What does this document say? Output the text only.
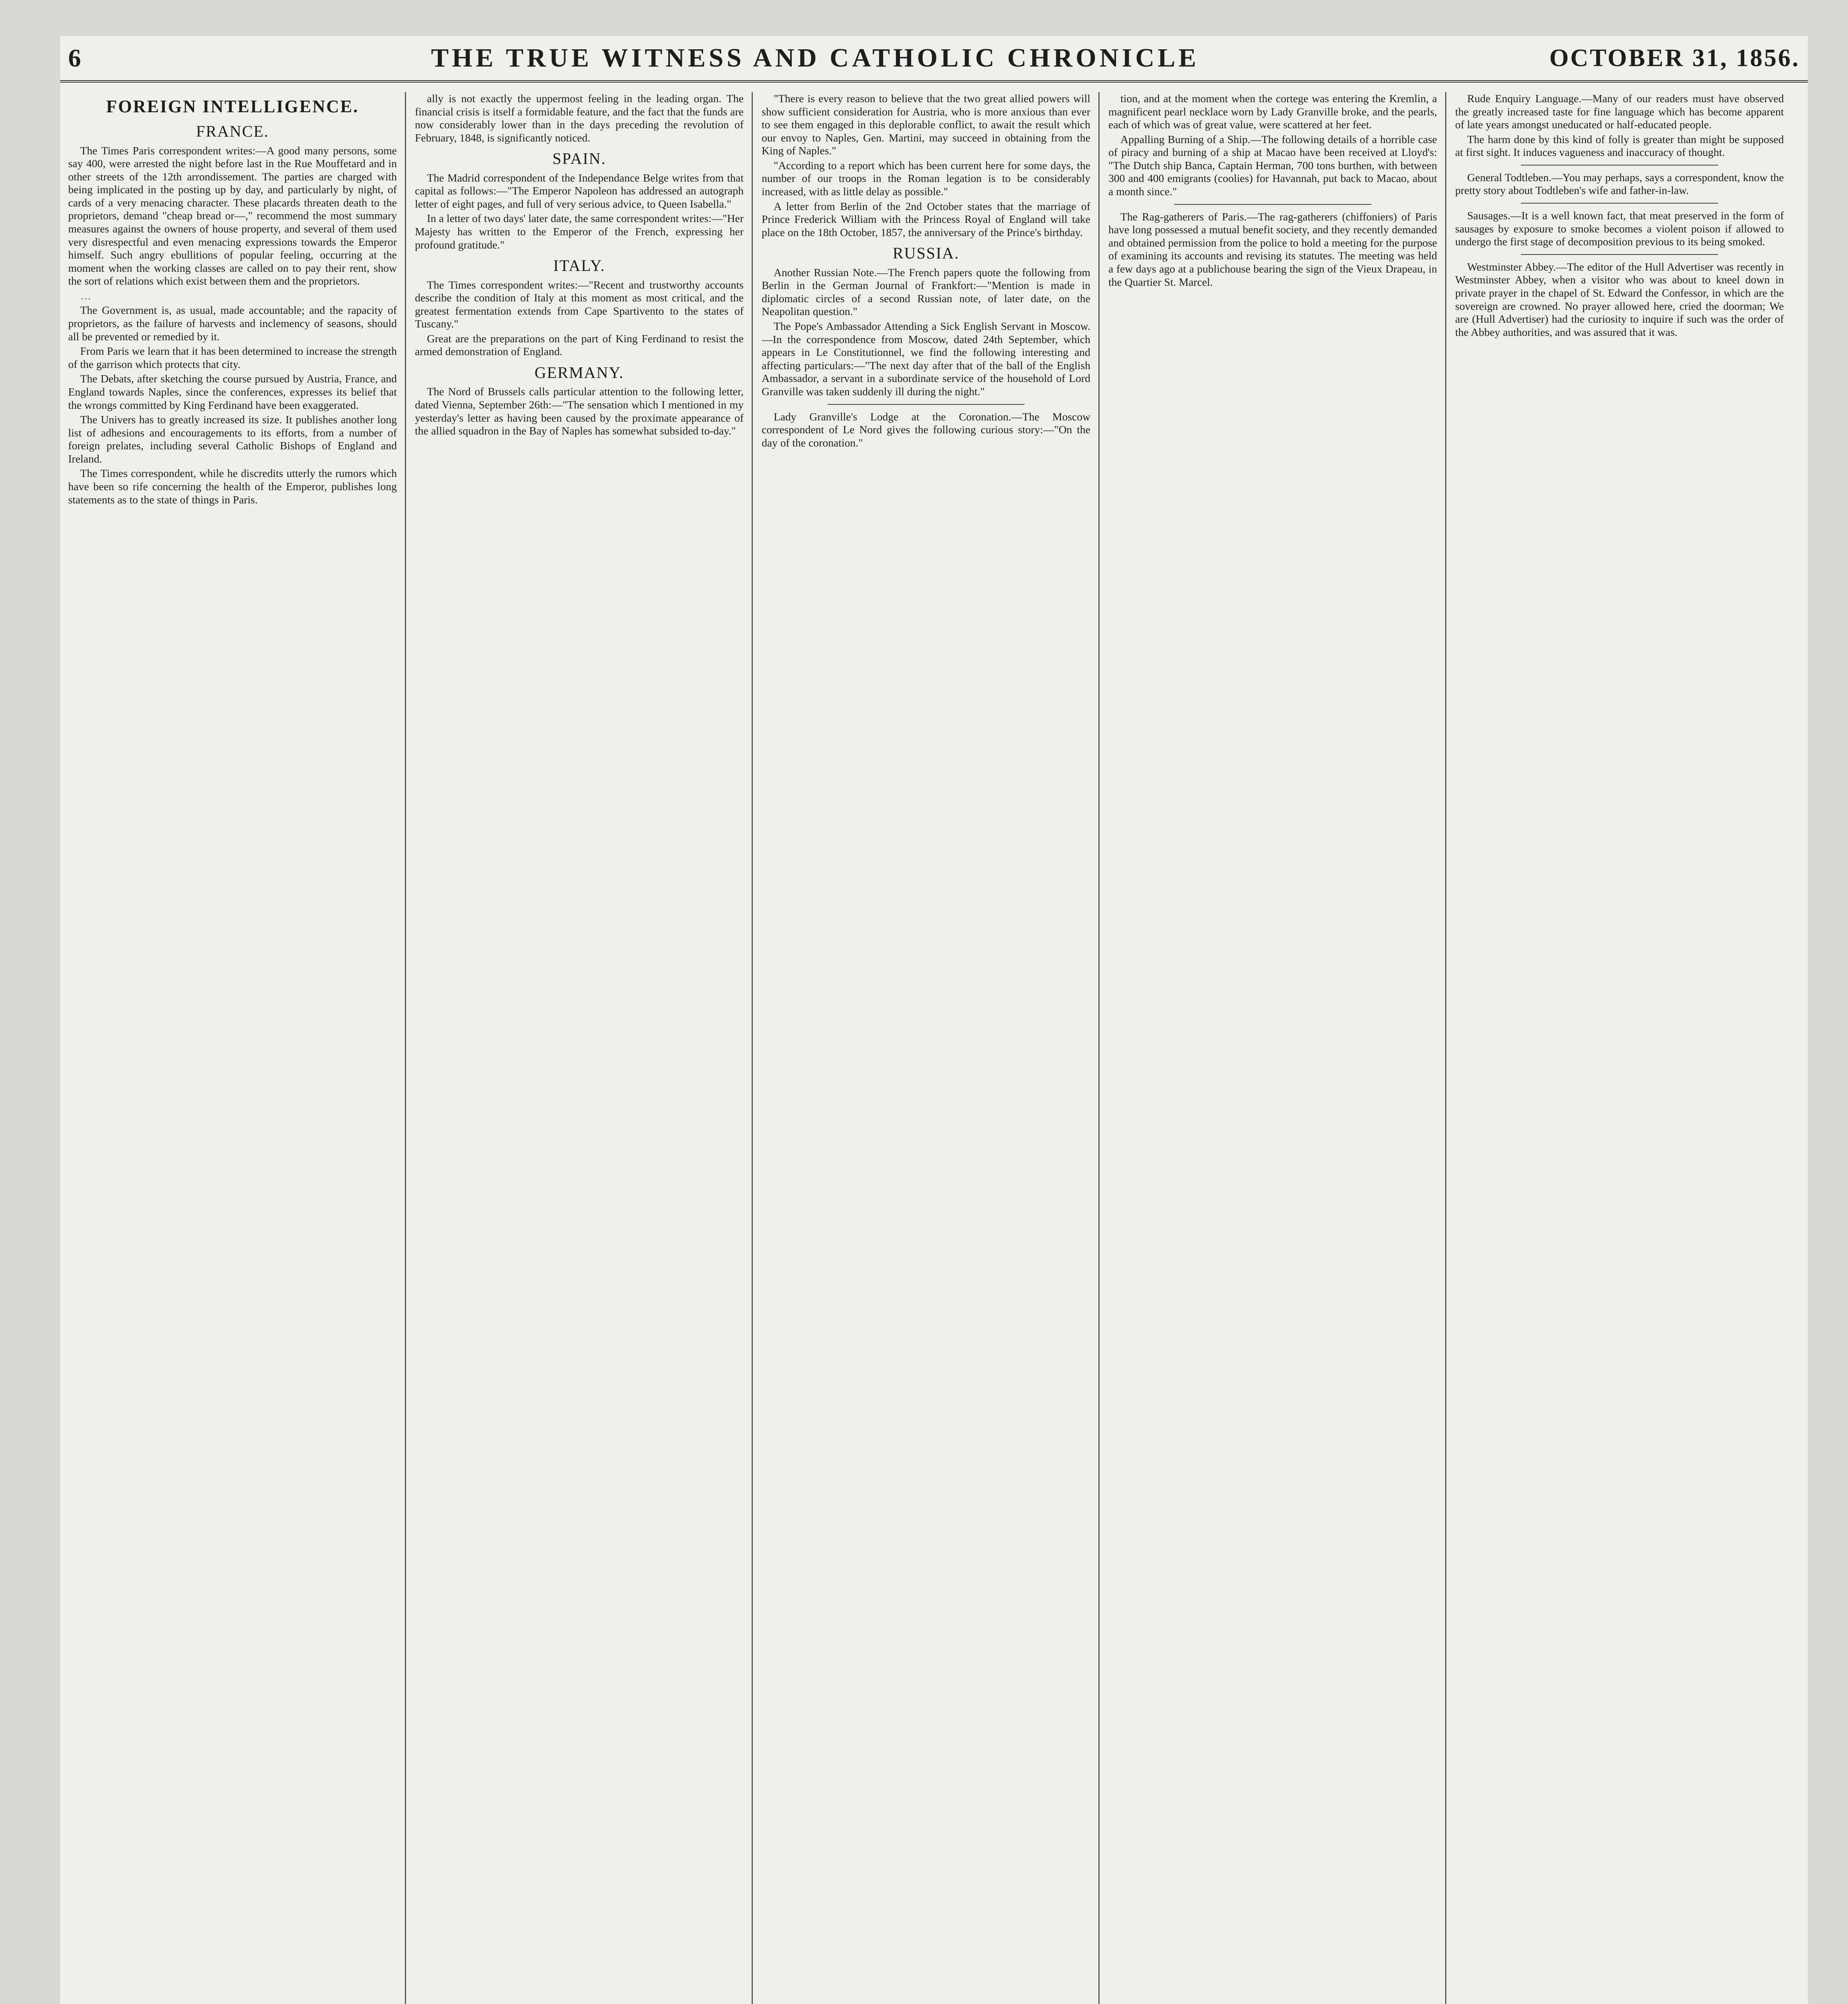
6	THE TRUE WITNESS AND CATHOLIC CHRONICLE	OCTOBER 31, 1856.
FOREIGN INTELLIGENCE.
FRANCE.

The Times Paris correspondent writes:—A good many persons, some say 400, were arrested the night before last in the Rue Mouffetard and in other streets of the 12th arrondissement. The parties are charged with being implicated in the posting up by day, and particularly by night, of cards of a very menacing character. These placards threaten death to the proprietors, demand "cheap bread or—," recommend the most summary measures against the owners of house property, and several of them used very disrespectful and even menacing expressions towards the Emperor himself. Such angry ebullitions of popular feeling, occurring at the moment when the working classes are called on to pay their rent, show the sort of relations which exist between them and the proprietors.

…

The Government is, as usual, made accountable; and the rapacity of proprietors, as the failure of harvests and inclemency of seasons, should all be prevented or remedied by it.

From Paris we learn that it has been determined to increase the strength of the garrison which protects that city.

The Debats, after sketching the course pursued by Austria, France, and England towards Naples, since the conferences, expresses its belief that the wrongs committed by King Ferdinand have been exaggerated.

The Univers has to greatly increased its size. It publishes another long list of adhesions and encouragements to its efforts, from a number of foreign prelates, including several Catholic Bishops of England and Ireland.

The Times correspondent, while he discredits utterly the rumors which have been so rife concerning the health of the Emperor, publishes long statements as to the state of things in Paris.

ally is not exactly the uppermost feeling in the leading organ. The financial crisis is itself a formidable feature, and the fact that the funds are now considerably lower than in the days preceding the revolution of February, 1848, is significantly noticed.

SPAIN.

The Madrid correspondent of the Independance Belge writes from that capital as follows:—"The Emperor Napoleon has addressed an autograph letter of eight pages, and full of very serious advice, to Queen Isabella."

In a letter of two days' later date, the same correspondent writes:—"Her Majesty has written to the Emperor of the French, expressing her profound gratitude."

ITALY.

The Times correspondent writes:—"Recent and trustworthy accounts describe the condition of Italy at this moment as most critical, and the greatest fermentation extends from Cape Spartivento to the states of Tuscany."

Great are the preparations on the part of King Ferdinand to resist the armed demonstration of England.

GERMANY.

The Nord of Brussels calls particular attention to the following letter, dated Vienna, September 26th:—"The sensation which I mentioned in my yesterday's letter as having been caused by the proximate appearance of the allied squadron in the Bay of Naples has somewhat subsided to-day."

"There is every reason to believe that the two great allied powers will show sufficient consideration for Austria, who is more anxious than ever to see them engaged in this deplorable conflict, to await the result which our envoy to Naples, Gen. Martini, may succeed in obtaining from the King of Naples."

"According to a report which has been current here for some days, the number of our troops in the Roman legation is to be considerably increased, with as little delay as possible."

A letter from Berlin of the 2nd October states that the marriage of Prince Frederick William with the Princess Royal of England will take place on the 18th October, 1857, the anniversary of the Prince's birthday.

RUSSIA.

Another Russian Note.—The French papers quote the following from Berlin in the German Journal of Frankfort:—"Mention is made in diplomatic circles of a second Russian note, of later date, on the Neapolitan question."

The Pope's Ambassador Attending a Sick English Servant in Moscow.—In the correspondence from Moscow, dated 24th September, which appears in Le Constitutionnel, we find the following interesting and affecting particulars:—"The next day after that of the ball of the English Ambassador, a servant in a subordinate service of the household of Lord Granville was taken suddenly ill during the night."

Lady Granville's Lodge at the Coronation.—The Moscow correspondent of Le Nord gives the following curious story:—"On the day of the coronation."

tion, and at the moment when the cortege was entering the Kremlin, a magnificent pearl necklace worn by Lady Granville broke, and the pearls, each of which was of great value, were scattered at her feet.

Appalling Burning of a Ship.—The following details of a horrible case of piracy and burning of a ship at Macao have been received at Lloyd's: "The Dutch ship Banca, Captain Herman, 700 tons burthen, with between 300 and 400 emigrants (coolies) for Havannah, put back to Macao, about a month since."

The Rag-gatherers of Paris.—The rag-gatherers (chiffoniers) of Paris have long possessed a mutual benefit society, and they recently demanded and obtained permission from the police to hold a meeting for the purpose of examining its accounts and revising its statutes. The meeting was held a few days ago at a publichouse bearing the sign of the Vieux Drapeau, in the Quartier St. Marcel.

Rude Enquiry Language.—Many of our readers must have observed the greatly increased taste for fine language which has become apparent of late years amongst uneducated or half-educated people.

The harm done by this kind of folly is greater than might be supposed at first sight. It induces vagueness and inaccuracy of thought.

General Todtleben.—You may perhaps, says a correspondent, know the pretty story about Todtleben's wife and father-in-law.

Sausages.—It is a well known fact, that meat preserved in the form of sausages by exposure to smoke becomes a violent poison if allowed to undergo the first stage of decomposition previous to its being smoked.

Westminster Abbey.—The editor of the Hull Advertiser was recently in Westminster Abbey, when a visitor who was about to kneel down in private prayer in the chapel of St. Edward the Confessor, in which are the sovereign are crowned. No prayer allowed here, cried the doorman; We are (Hull Advertiser) had the curiosity to inquire if such was the order of the Abbey authorities, and was assured that it was.
